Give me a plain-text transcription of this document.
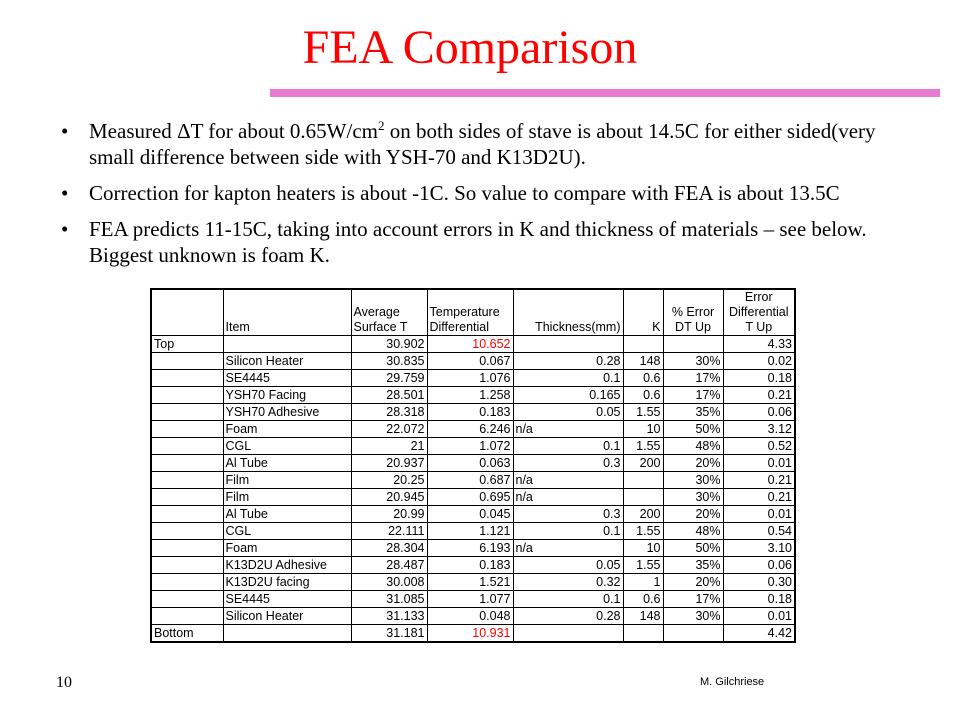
FEA Comparison
• Measured ΔT for about $0.65W/cm^2$ on both sides of stave is about 14.5C for either sided(very small difference between side with YSH-70 and K13D2U).
• Correction for kapton heaters is about -1C. So value to compare with FEA is about 13.5C
• FEA predicts 11-15C, taking into account errors in K and thickness of materials – see below. Biggest unknown is foam K.
							Error
		Average	Temperature			% Error	Differential
	Item	Surface T	Differential	Thickness(mm)	K	DT Up	T Up
Top		30.902	10.652				4.33
	Silicon Heater	30.835	0.067	0.28	148	30%	0.02
	SE4445	29.759	1.076	0.1	0.6	17%	0.18
	YSH70 Facing	28.501	1.258	0.165	0.6	17%	0.21
	YSH70 Adhesive	28.318	0.183	0.05	1.55	35%	0.06
	Foam	22.072	6.246	n/a	10	50%	3.12
	CGL	21	1.072	0.1	1.55	48%	0.52
	Al Tube	20.937	0.063	0.3	200	20%	0.01
	Film	20.25	0.687	n/a		30%	0.21
	Film	20.945	0.695	n/a		30%	0.21
	Al Tube	20.99	0.045	0.3	200	20%	0.01
	CGL	22.111	1.121	0.1	1.55	48%	0.54
	Foam	28.304	6.193	n/a	10	50%	3.10
	K13D2U Adhesive	28.487	0.183	0.05	1.55	35%	0.06
	K13D2U facing	30.008	1.521	0.32	1	20%	0.30
	SE4445	31.085	1.077	0.1	0.6	17%	0.18
	Silicon Heater	31.133	0.048	0.28	148	30%	0.01
Bottom		31.181	10.931				4.42
10	M. Gilchriese
